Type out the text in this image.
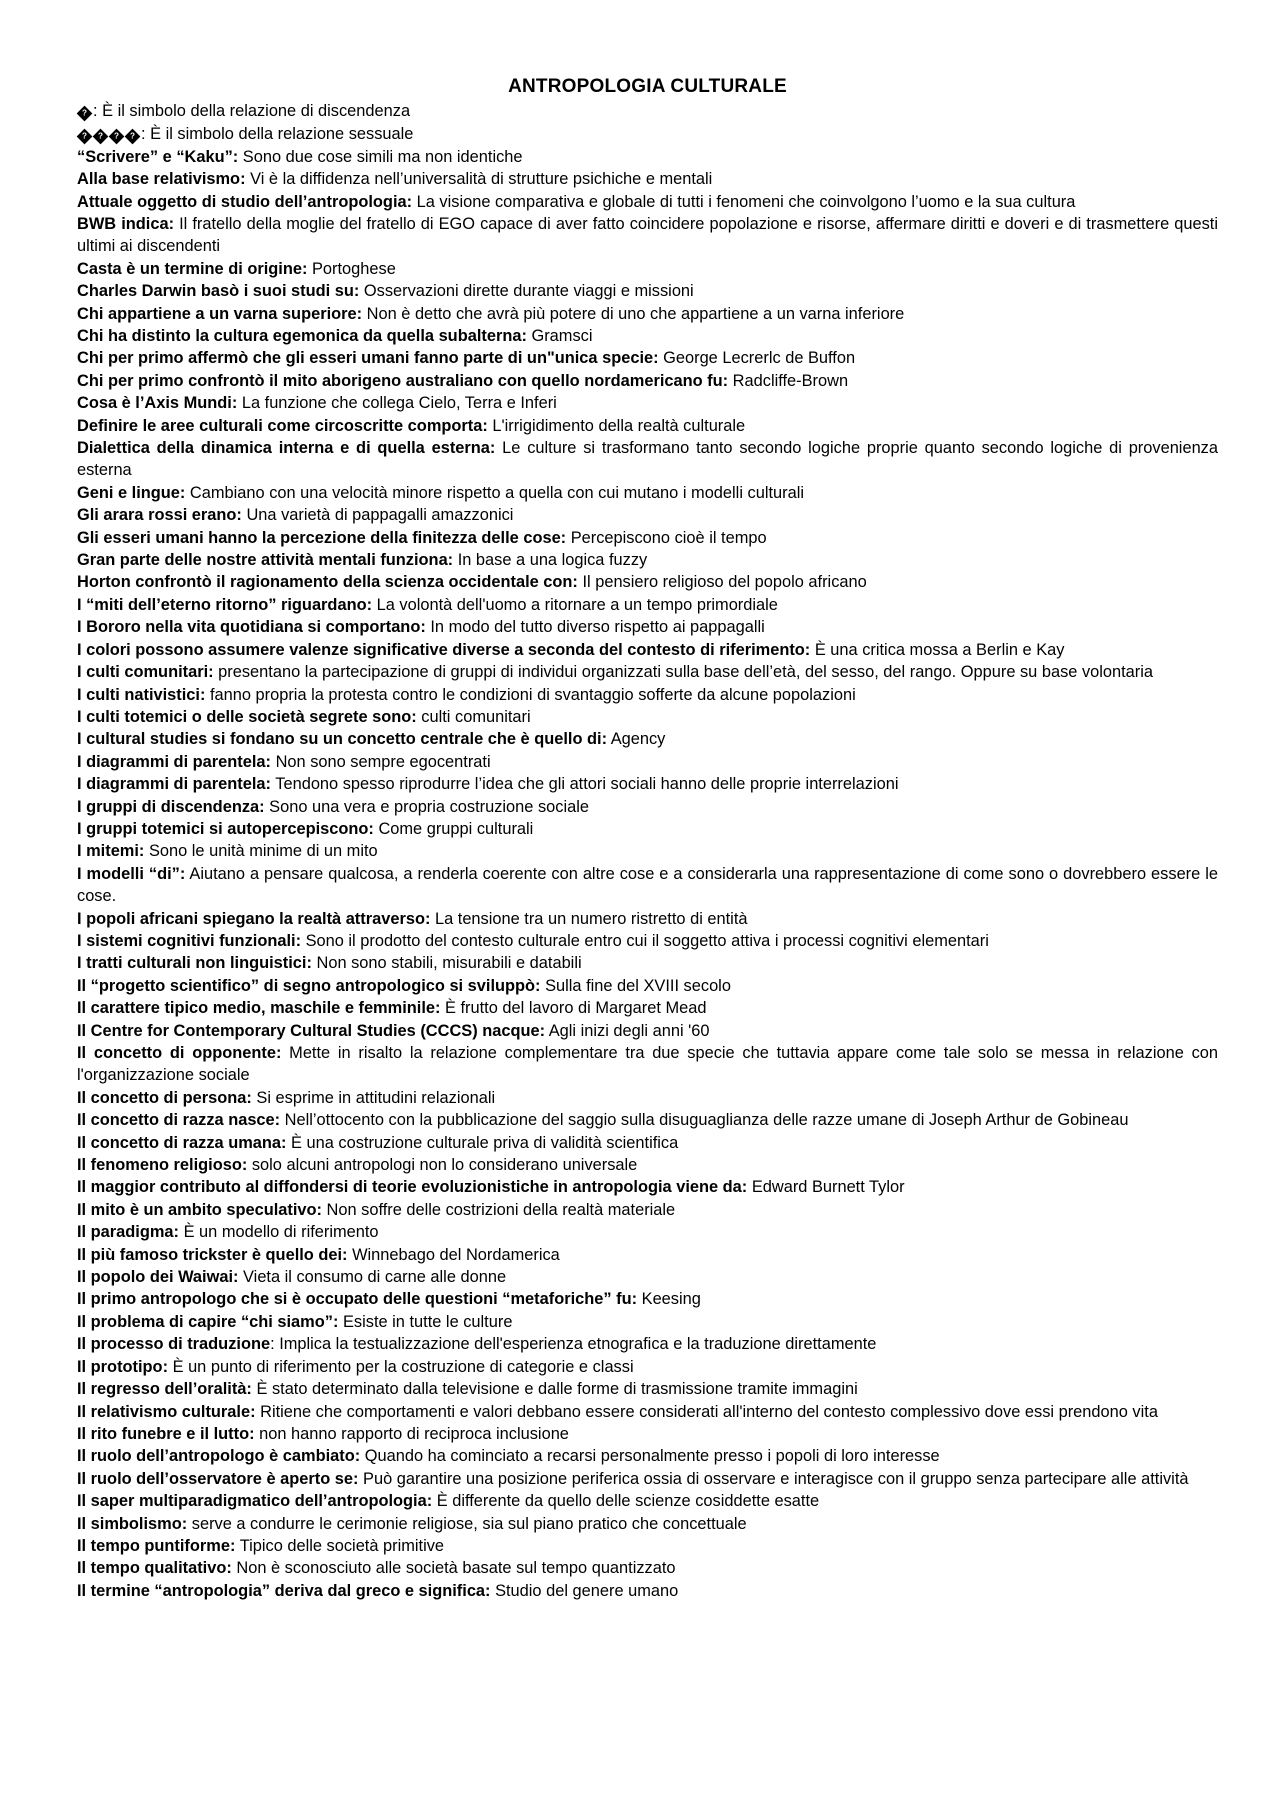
ANTROPOLOGIA CULTURALE

? : È il simbolo della relazione di discendenza

? ? ? ? : È il simbolo della relazione sessuale

“Scrivere” e “Kaku”: Sono due cose simili ma non identiche

Alla base relativismo: Vi è la diffidenza nell’universalità di strutture psichiche e mentali

Attuale oggetto di studio dell’antropologia: La visione comparativa e globale di tutti i fenomeni che coinvolgono l’uomo e la sua cultura

BWB indica: Il fratello della moglie del fratello di EGO capace di aver fatto coincidere popolazione e risorse, affermare diritti e doveri e di trasmettere questi ultimi ai discendenti

Casta è un termine di origine: Portoghese

Charles Darwin basò i suoi studi su: Osservazioni dirette durante viaggi e missioni

Chi appartiene a un varna superiore: Non è detto che avrà più potere di uno che appartiene a un varna inferiore

Chi ha distinto la cultura egemonica da quella subalterna: Gramsci

Chi per primo affermò che gli esseri umani fanno parte di un"unica specie: George Lecrerlc de Buffon

Chi per primo confrontò il mito aborigeno australiano con quello nordamericano fu: Radcliffe-Brown

Cosa è l’Axis Mundi: La funzione che collega Cielo, Terra e Inferi

Definire le aree culturali come circoscritte comporta: L'irrigidimento della realtà culturale

Dialettica della dinamica interna e di quella esterna: Le culture si trasformano tanto secondo logiche proprie quanto secondo logiche di provenienza esterna

Geni e lingue: Cambiano con una velocità minore rispetto a quella con cui mutano i modelli culturali

Gli arara rossi erano: Una varietà di pappagalli amazzonici

Gli esseri umani hanno la percezione della finitezza delle cose: Percepiscono cioè il tempo

Gran parte delle nostre attività mentali funziona: In base a una logica fuzzy

Horton confrontò il ragionamento della scienza occidentale con: Il pensiero religioso del popolo africano

I “miti dell’eterno ritorno” riguardano: La volontà dell'uomo a ritornare a un tempo primordiale

I Bororo nella vita quotidiana si comportano: In modo del tutto diverso rispetto ai pappagalli

I colori possono assumere valenze significative diverse a seconda del contesto di riferimento: È una critica mossa a Berlin e Kay

I culti comunitari: presentano la partecipazione di gruppi di individui organizzati sulla base dell’età, del sesso, del rango. Oppure su base volontaria

I culti nativistici: fanno propria la protesta contro le condizioni di svantaggio sofferte da alcune popolazioni

I culti totemici o delle società segrete sono: culti comunitari

I cultural studies si fondano su un concetto centrale che è quello di: Agency

I diagrammi di parentela: Non sono sempre egocentrati

I diagrammi di parentela: Tendono spesso riprodurre l’idea che gli attori sociali hanno delle proprie interrelazioni

I gruppi di discendenza: Sono una vera e propria costruzione sociale

I gruppi totemici si autopercepiscono: Come gruppi culturali

I mitemi: Sono le unità minime di un mito

I modelli “di”: Aiutano a pensare qualcosa, a renderla coerente con altre cose e a considerarla una rappresentazione di come sono o dovrebbero essere le cose.

I popoli africani spiegano la realtà attraverso: La tensione tra un numero ristretto di entità

I sistemi cognitivi funzionali: Sono il prodotto del contesto culturale entro cui il soggetto attiva i processi cognitivi elementari

I tratti culturali non linguistici: Non sono stabili, misurabili e databili

Il “progetto scientifico” di segno antropologico si sviluppò: Sulla fine del XVIII secolo

Il carattere tipico medio, maschile e femminile: È frutto del lavoro di Margaret Mead

Il Centre for Contemporary Cultural Studies (CCCS) nacque: Agli inizi degli anni '60

Il concetto di opponente: Mette in risalto la relazione complementare tra due specie che tuttavia appare come tale solo se messa in relazione con l'organizzazione sociale

Il concetto di persona: Si esprime in attitudini relazionali

Il concetto di razza nasce: Nell’ottocento con la pubblicazione del saggio sulla disuguaglianza delle razze umane di Joseph Arthur de Gobineau

Il concetto di razza umana: È una costruzione culturale priva di validità scientifica

Il fenomeno religioso: solo alcuni antropologi non lo considerano universale

Il maggior contributo al diffondersi di teorie evoluzionistiche in antropologia viene da: Edward Burnett Tylor

Il mito è un ambito speculativo: Non soffre delle costrizioni della realtà materiale

Il paradigma: È un modello di riferimento

Il più famoso trickster è quello dei: Winnebago del Nordamerica

Il popolo dei Waiwai: Vieta il consumo di carne alle donne

Il primo antropologo che si è occupato delle questioni “metaforiche” fu: Keesing

Il problema di capire “chi siamo”: Esiste in tutte le culture

Il processo di traduzione: Implica la testualizzazione dell'esperienza etnografica e la traduzione direttamente

Il prototipo: È un punto di riferimento per la costruzione di categorie e classi

Il regresso dell’oralità: È stato determinato dalla televisione e dalle forme di trasmissione tramite immagini

Il relativismo culturale: Ritiene che comportamenti e valori debbano essere considerati all'interno del contesto complessivo dove essi prendono vita

Il rito funebre e il lutto: non hanno rapporto di reciproca inclusione

Il ruolo dell’antropologo è cambiato: Quando ha cominciato a recarsi personalmente presso i popoli di loro interesse

Il ruolo dell’osservatore è aperto se: Può garantire una posizione periferica ossia di osservare e interagisce con il gruppo senza partecipare alle attività

Il saper multiparadigmatico dell’antropologia: È differente da quello delle scienze cosiddette esatte

Il simbolismo: serve a condurre le cerimonie religiose, sia sul piano pratico che concettuale

Il tempo puntiforme: Tipico delle società primitive

Il tempo qualitativo: Non è sconosciuto alle società basate sul tempo quantizzato

Il termine “antropologia” deriva dal greco e significa: Studio del genere umano
